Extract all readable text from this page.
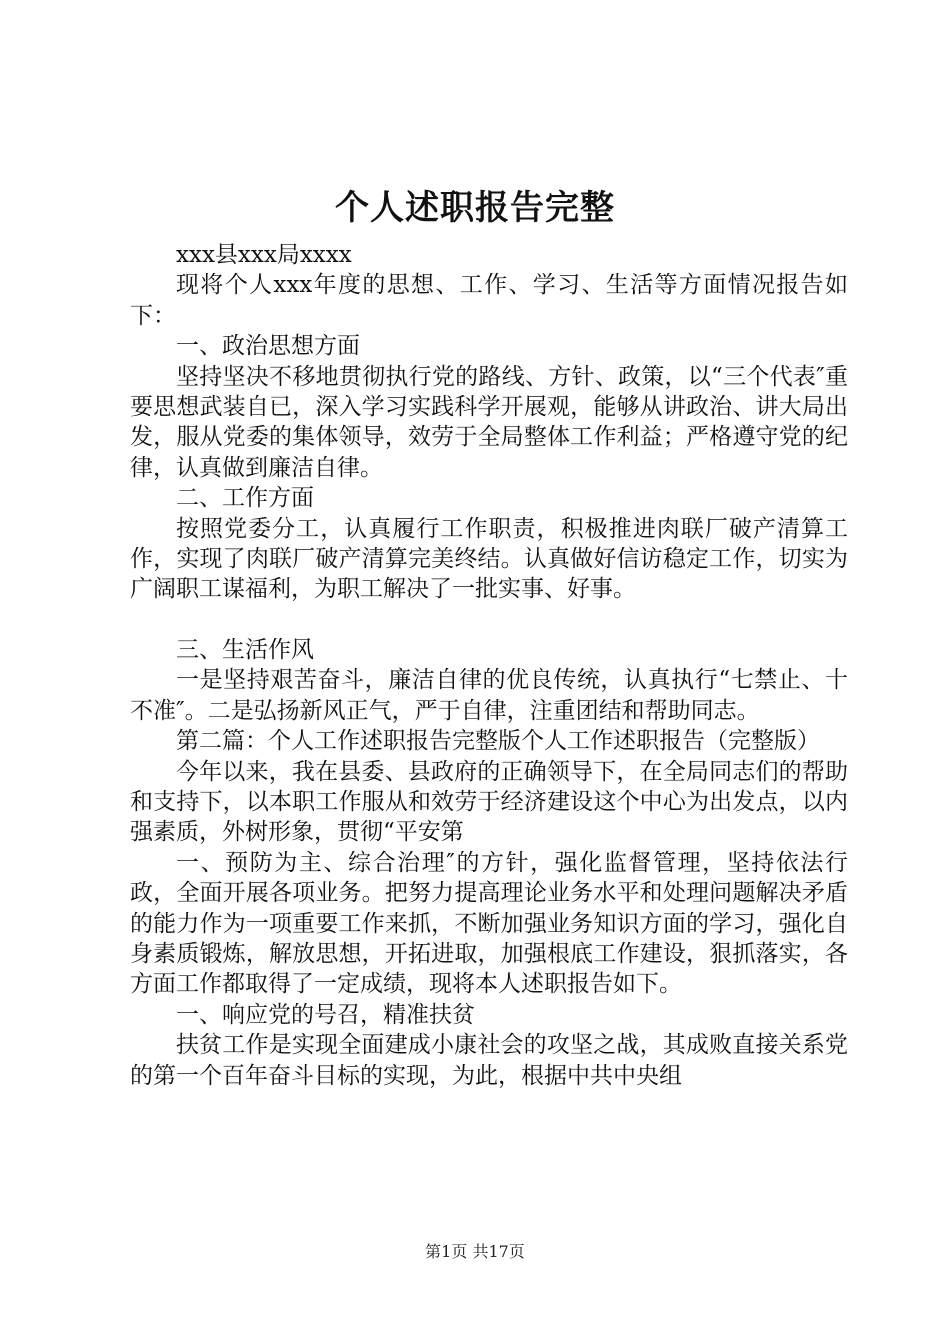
个人述职报告完整

xxx县xxx局xxxx

现将个人xxx年度的思想、工作、学习、生活等方面情况报告如下：

一、政治思想方面

坚持坚决不移地贯彻执行党的路线、方针、政策，以“三个代表″重要思想武装自已，深入学习实践科学开展观，能够从讲政治、讲大局出发，服从党委的集体领导，效劳于全局整体工作利益；严格遵守党的纪律，认真做到廉洁自律。

二、工作方面

按照党委分工，认真履行工作职责，积极推进肉联厂破产清算工作，实现了肉联厂破产清算完美终结。认真做好信访稳定工作，切实为广阔职工谋福利，为职工解决了一批实事、好事。

三、生活作风

一是坚持艰苦奋斗，廉洁自律的优良传统，认真执行“七禁止、十不准″。二是弘扬新风正气，严于自律，注重团结和帮助同志。

第二篇：个人工作述职报告完整版个人工作述职报告（完整版）

今年以来，我在县委、县政府的正确领导下，在全局同志们的帮助和支持下，以本职工作服从和效劳于经济建设这个中心为出发点，以内强素质，外树形象，贯彻“平安第

一、预防为主、综合治理″的方针，强化监督管理，坚持依法行政，全面开展各项业务。把努力提高理论业务水平和处理问题解决矛盾的能力作为一项重要工作来抓，不断加强业务知识方面的学习，强化自身素质锻炼，解放思想，开拓进取，加强根底工作建设，狠抓落实，各方面工作都取得了一定成绩，现将本人述职报告如下。

一、响应党的号召，精准扶贫

扶贫工作是实现全面建成小康社会的攻坚之战，其成败直接关系党的第一个百年奋斗目标的实现，为此，根据中共中央组

第1页 共17页
